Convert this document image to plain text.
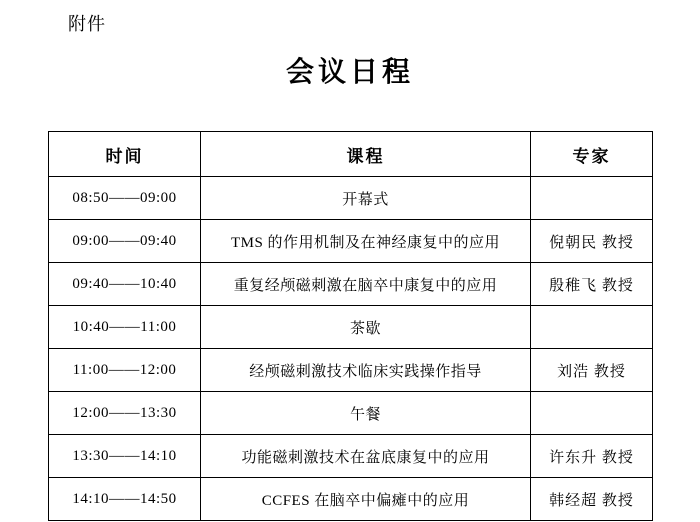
附件
会议日程
时间	课程	专家
08:50——09:00	开幕式	
09:00——09:40	TMS 的作用机制及在神经康复中的应用	倪朝民 教授
09:40——10:40	重复经颅磁刺激在脑卒中康复中的应用	殷稚飞 教授
10:40——11:00	茶歇	
11:00——12:00	经颅磁刺激技术临床实践操作指导	刘浩 教授
12:00——13:30	午餐	
13:30——14:10	功能磁刺激技术在盆底康复中的应用	许东升 教授
14:10——14:50	CCFES 在脑卒中偏瘫中的应用	韩经超 教授
